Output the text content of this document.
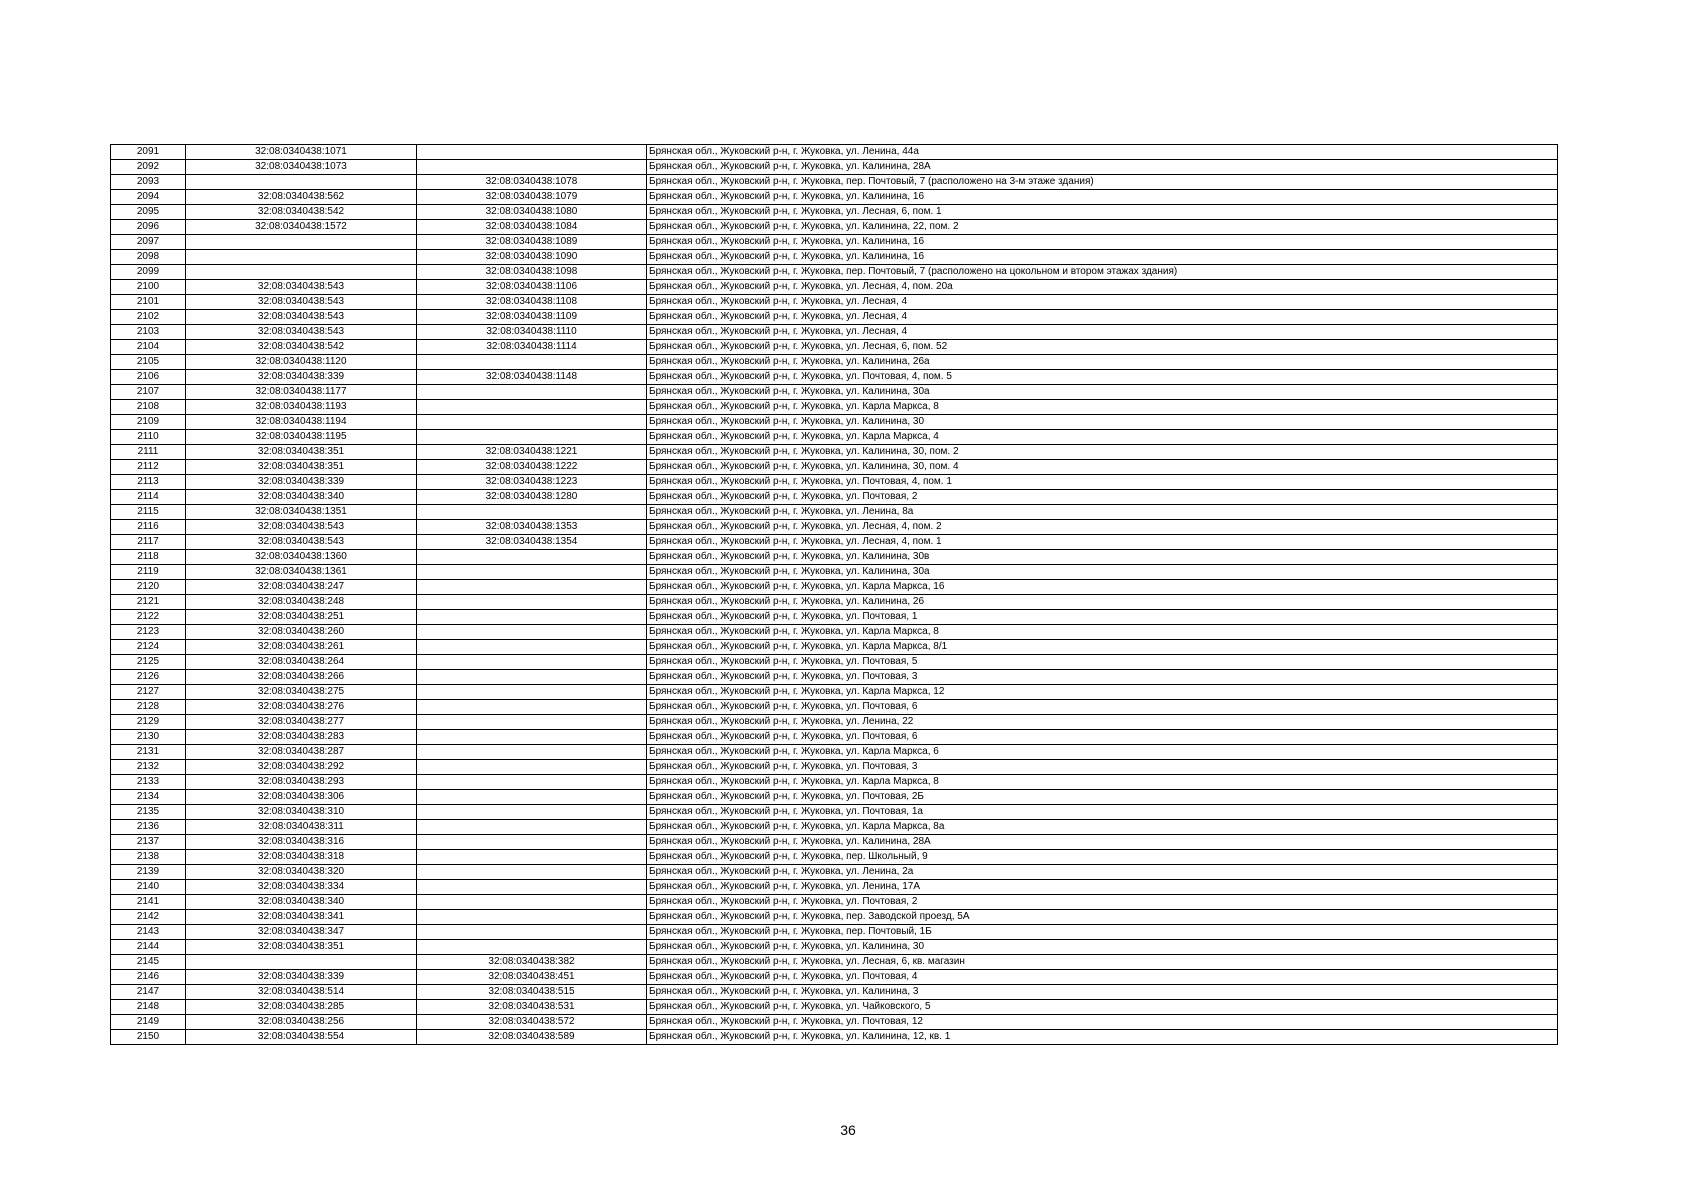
2091	32:08:0340438:1071		Брянская обл., Жуковский р-н, г. Жуковка, ул. Ленина, 44а
2092	32:08:0340438:1073		Брянская обл., Жуковский р-н, г. Жуковка, ул. Калинина, 28А
2093		32:08:0340438:1078	Брянская обл., Жуковский р-н, г. Жуковка, пер. Почтовый, 7 (расположено на 3-м этаже здания)
2094	32:08:0340438:562	32:08:0340438:1079	Брянская обл., Жуковский р-н, г. Жуковка, ул. Калинина, 16
2095	32:08:0340438:542	32:08:0340438:1080	Брянская обл., Жуковский р-н, г. Жуковка, ул. Лесная, 6, пом. 1
2096	32:08:0340438:1572	32:08:0340438:1084	Брянская обл., Жуковский р-н, г. Жуковка, ул. Калинина, 22, пом. 2
2097		32:08:0340438:1089	Брянская обл., Жуковский р-н, г. Жуковка, ул. Калинина, 16
2098		32:08:0340438:1090	Брянская обл., Жуковский р-н, г. Жуковка, ул. Калинина, 16
2099		32:08:0340438:1098	Брянская обл., Жуковский р-н, г. Жуковка, пер. Почтовый, 7 (расположено на цокольном и втором этажах здания)
2100	32:08:0340438:543	32:08:0340438:1106	Брянская обл., Жуковский р-н, г. Жуковка, ул. Лесная, 4, пом. 20а
2101	32:08:0340438:543	32:08:0340438:1108	Брянская обл., Жуковский р-н, г. Жуковка, ул. Лесная, 4
2102	32:08:0340438:543	32:08:0340438:1109	Брянская обл., Жуковский р-н, г. Жуковка, ул. Лесная, 4
2103	32:08:0340438:543	32:08:0340438:1110	Брянская обл., Жуковский р-н, г. Жуковка, ул. Лесная, 4
2104	32:08:0340438:542	32:08:0340438:1114	Брянская обл., Жуковский р-н, г. Жуковка, ул. Лесная, 6, пом. 52
2105	32:08:0340438:1120		Брянская обл., Жуковский р-н, г. Жуковка, ул. Калинина, 26а
2106	32:08:0340438:339	32:08:0340438:1148	Брянская обл., Жуковский р-н, г. Жуковка, ул. Почтовая, 4, пом. 5
2107	32:08:0340438:1177		Брянская обл., Жуковский р-н, г. Жуковка, ул. Калинина, 30а
2108	32:08:0340438:1193		Брянская обл., Жуковский р-н, г. Жуковка, ул. Карла Маркса, 8
2109	32:08:0340438:1194		Брянская обл., Жуковский р-н, г. Жуковка, ул. Калинина, 30
2110	32:08:0340438:1195		Брянская обл., Жуковский р-н, г. Жуковка, ул. Карла Маркса, 4
2111	32:08:0340438:351	32:08:0340438:1221	Брянская обл., Жуковский р-н, г. Жуковка, ул. Калинина, 30, пом. 2
2112	32:08:0340438:351	32:08:0340438:1222	Брянская обл., Жуковский р-н, г. Жуковка, ул. Калинина, 30, пом. 4
2113	32:08:0340438:339	32:08:0340438:1223	Брянская обл., Жуковский р-н, г. Жуковка, ул. Почтовая, 4, пом. 1
2114	32:08:0340438:340	32:08:0340438:1280	Брянская обл., Жуковский р-н, г. Жуковка, ул. Почтовая, 2
2115	32:08:0340438:1351		Брянская обл., Жуковский р-н, г. Жуковка, ул. Ленина, 8а
2116	32:08:0340438:543	32:08:0340438:1353	Брянская обл., Жуковский р-н, г. Жуковка, ул. Лесная, 4, пом. 2
2117	32:08:0340438:543	32:08:0340438:1354	Брянская обл., Жуковский р-н, г. Жуковка, ул. Лесная, 4, пом. 1
2118	32:08:0340438:1360		Брянская обл., Жуковский р-н, г. Жуковка, ул. Калинина, 30в
2119	32:08:0340438:1361		Брянская обл., Жуковский р-н, г. Жуковка, ул. Калинина, 30а
2120	32:08:0340438:247		Брянская обл., Жуковский р-н, г. Жуковка, ул. Карла Маркса, 16
2121	32:08:0340438:248		Брянская обл., Жуковский р-н, г. Жуковка, ул. Калинина, 26
2122	32:08:0340438:251		Брянская обл., Жуковский р-н, г. Жуковка, ул. Почтовая, 1
2123	32:08:0340438:260		Брянская обл., Жуковский р-н, г. Жуковка, ул. Карла Маркса, 8
2124	32:08:0340438:261		Брянская обл., Жуковский р-н, г. Жуковка, ул. Карла Маркса, 8/1
2125	32:08:0340438:264		Брянская обл., Жуковский р-н, г. Жуковка, ул. Почтовая, 5
2126	32:08:0340438:266		Брянская обл., Жуковский р-н, г. Жуковка, ул. Почтовая, 3
2127	32:08:0340438:275		Брянская обл., Жуковский р-н, г. Жуковка, ул. Карла Маркса, 12
2128	32:08:0340438:276		Брянская обл., Жуковский р-н, г. Жуковка, ул. Почтовая, 6
2129	32:08:0340438:277		Брянская обл., Жуковский р-н, г. Жуковка, ул. Ленина, 22
2130	32:08:0340438:283		Брянская обл., Жуковский р-н, г. Жуковка, ул. Почтовая, 6
2131	32:08:0340438:287		Брянская обл., Жуковский р-н, г. Жуковка, ул. Карла Маркса, 6
2132	32:08:0340438:292		Брянская обл., Жуковский р-н, г. Жуковка, ул. Почтовая, 3
2133	32:08:0340438:293		Брянская обл., Жуковский р-н, г. Жуковка, ул. Карла Маркса, 8
2134	32:08:0340438:306		Брянская обл., Жуковский р-н, г. Жуковка, ул. Почтовая, 2Б
2135	32:08:0340438:310		Брянская обл., Жуковский р-н, г. Жуковка, ул. Почтовая, 1а
2136	32:08:0340438:311		Брянская обл., Жуковский р-н, г. Жуковка, ул. Карла Маркса, 8а
2137	32:08:0340438:316		Брянская обл., Жуковский р-н, г. Жуковка, ул. Калинина, 28А
2138	32:08:0340438:318		Брянская обл., Жуковский р-н, г. Жуковка, пер. Школьный, 9
2139	32:08:0340438:320		Брянская обл., Жуковский р-н, г. Жуковка, ул. Ленина, 2а
2140	32:08:0340438:334		Брянская обл., Жуковский р-н, г. Жуковка, ул. Ленина, 17А
2141	32:08:0340438:340		Брянская обл., Жуковский р-н, г. Жуковка, ул. Почтовая, 2
2142	32:08:0340438:341		Брянская обл., Жуковский р-н, г. Жуковка, пер. Заводской проезд, 5А
2143	32:08:0340438:347		Брянская обл., Жуковский р-н, г. Жуковка, пер. Почтовый, 1Б
2144	32:08:0340438:351		Брянская обл., Жуковский р-н, г. Жуковка, ул. Калинина, 30
2145		32:08:0340438:382	Брянская обл., Жуковский р-н, г. Жуковка, ул. Лесная, 6, кв. магазин
2146	32:08:0340438:339	32:08:0340438:451	Брянская обл., Жуковский р-н, г. Жуковка, ул. Почтовая, 4
2147	32:08:0340438:514	32:08:0340438:515	Брянская обл., Жуковский р-н, г. Жуковка, ул. Калинина, 3
2148	32:08:0340438:285	32:08:0340438:531	Брянская обл., Жуковский р-н, г. Жуковка, ул. Чайковского, 5
2149	32:08:0340438:256	32:08:0340438:572	Брянская обл., Жуковский р-н, г. Жуковка, ул. Почтовая, 12
2150	32:08:0340438:554	32:08:0340438:589	Брянская обл., Жуковский р-н, г. Жуковка, ул. Калинина, 12, кв. 1
36
